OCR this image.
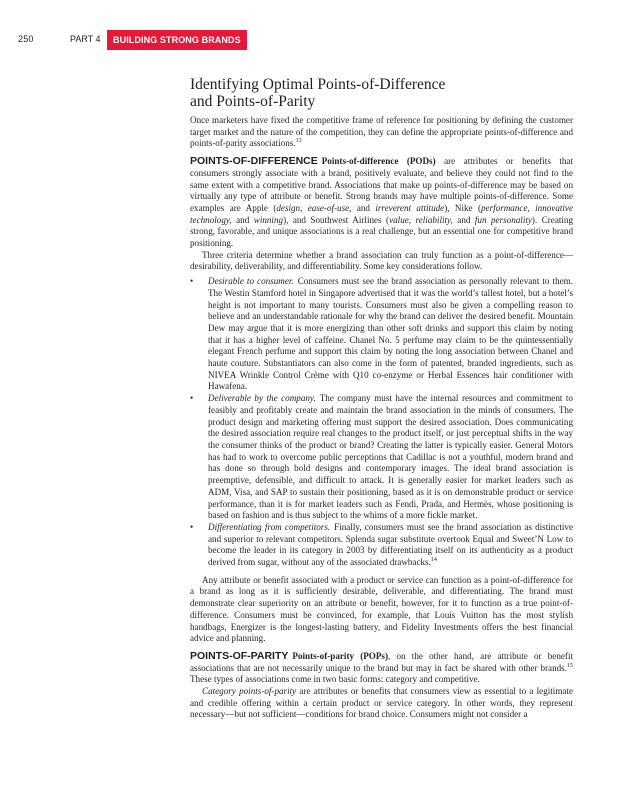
250	PART 4	BUILDING STRONG BRANDS
Identifying Optimal Points-of-Difference
and Points-of-Parity

Once marketers have fixed the competitive frame of reference for positioning by defining the customer target market and the nature of the competition, they can define the appropriate points-of-difference and points-of-parity associations.$^{13}$

POINTS-OF-DIFFERENCE Points-of-difference (PODs) are attributes or benefits that consumers strongly associate with a brand, positively evaluate, and believe they could not find to the same extent with a competitive brand. Associations that make up points-of-difference may be based on virtually any type of attribute or benefit. Strong brands may have multiple points-of-difference. Some examples are Apple (design, ease-of-use, and irreverent attitude), Nike (performance, innovative technology, and winning), and Southwest Airlines (value, reliability, and fun personality). Creating strong, favorable, and unique associations is a real challenge, but an essential one for competitive brand positioning.

Three criteria determine whether a brand association can truly function as a point-of-difference—desirability, deliverability, and differentiability. Some key considerations follow.

• Desirable to consumer. Consumers must see the brand association as personally relevant to them. The Westin Stamford hotel in Singapore advertised that it was the world’s tallest hotel, but a hotel’s height is not important to many tourists. Consumers must also be given a compelling reason to believe and an understandable rationale for why the brand can deliver the desired benefit. Mountain Dew may argue that it is more energizing than other soft drinks and support this claim by noting that it has a higher level of caffeine. Chanel No. 5 perfume may claim to be the quintessentially elegant French perfume and support this claim by noting the long association between Chanel and haute couture. Substantiators can also come in the form of patented, branded ingredients, such as NIVEA Wrinkle Control Crème with Q10 co-enzyme or Herbal Essences hair conditioner with Hawafena.
• Deliverable by the company. The company must have the internal resources and commitment to feasibly and profitably create and maintain the brand association in the minds of consumers. The product design and marketing offering must support the desired association. Does communicating the desired association require real changes to the product itself, or just perceptual shifts in the way the consumer thinks of the product or brand? Creating the latter is typically easier. General Motors has had to work to overcome public perceptions that Cadillac is not a youthful, modern brand and has done so through bold designs and contemporary images. The ideal brand association is preemptive, defensible, and difficult to attack. It is generally easier for market leaders such as ADM, Visa, and SAP to sustain their positioning, based as it is on demonstrable product or service performance, than it is for market leaders such as Fendi, Prada, and Hermès, whose positioning is based on fashion and is thus subject to the whims of a more fickle market.
• Differentiating from competitors. Finally, consumers must see the brand association as distinctive and superior to relevant competitors. Splenda sugar substitute overtook Equal and Sweet’N Low to become the leader in its category in 2003 by differentiating itself on its authenticity as a product derived from sugar, without any of the associated drawbacks.$^{14}$

Any attribute or benefit associated with a product or service can function as a point-of-difference for a brand as long as it is sufficiently desirable, deliverable, and differentiating. The brand must demonstrate clear superiority on an attribute or benefit, however, for it to function as a true point-of-difference. Consumers must be convinced, for example, that Louis Vuitton has the most stylish handbags, Energizer is the longest-lasting battery, and Fidelity Investments offers the best financial advice and planning.

POINTS-OF-PARITY Points-of-parity (POPs), on the other hand, are attribute or benefit associations that are not necessarily unique to the brand but may in fact be shared with other brands.$^{15}$ These types of associations come in two basic forms: category and competitive.

Category points-of-parity are attributes or benefits that consumers view as essential to a legitimate and credible offering within a certain product or service category. In other words, they represent necessary—but not sufficient—conditions for brand choice. Consumers might not consider a
